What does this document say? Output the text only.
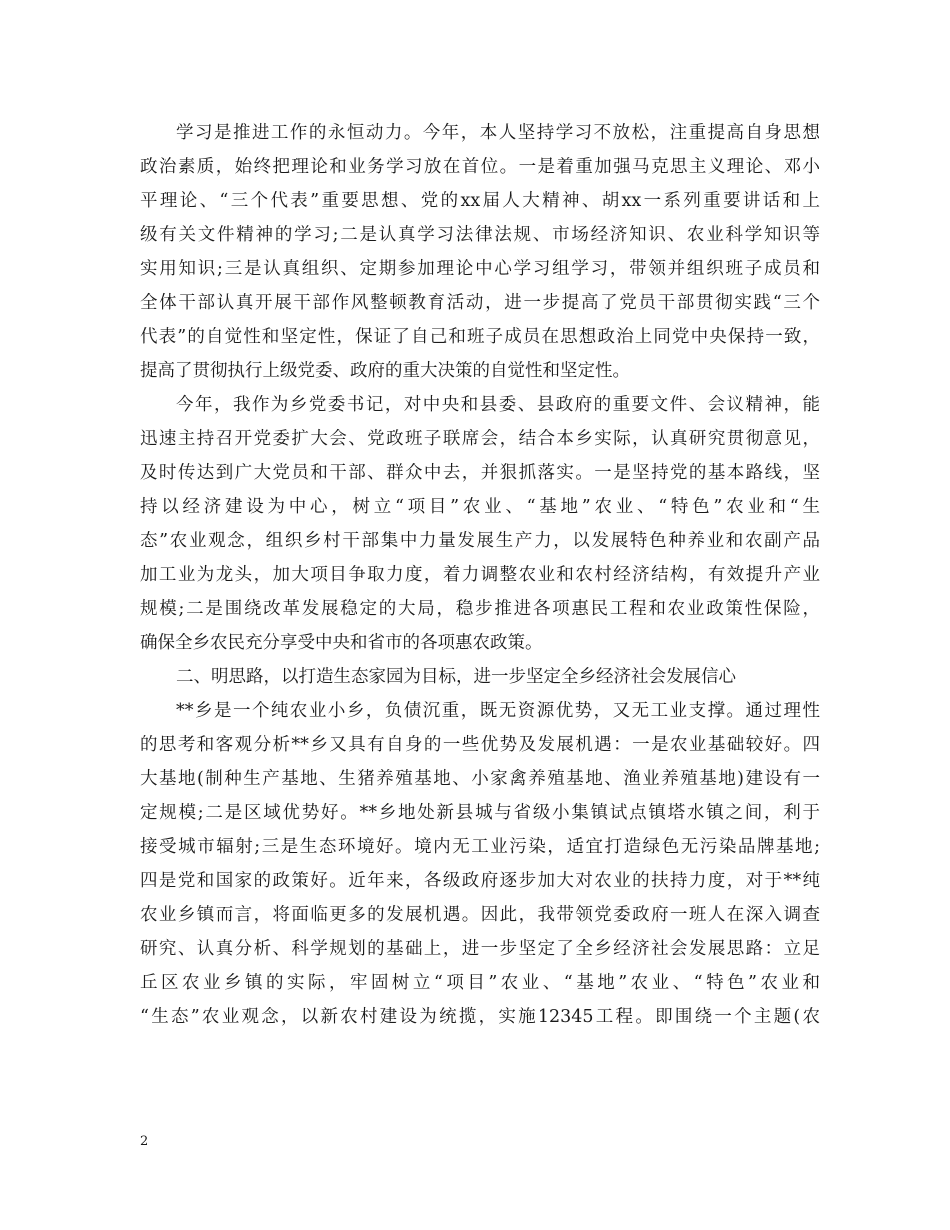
学习是推进工作的永恒动力。今年，本人坚持学习不放松，注重提高自身思想
政治素质，始终把理论和业务学习放在首位。一是着重加强马克思主义理论、邓小
平理论、“三个代表”重要思想、党的xx届人大精神、胡xx一系列重要讲话和上
级有关文件精神的学习;二是认真学习法律法规、市场经济知识、农业科学知识等
实用知识;三是认真组织、定期参加理论中心学习组学习，带领并组织班子成员和
全体干部认真开展干部作风整顿教育活动，进一步提高了党员干部贯彻实践“三个
代表”的自觉性和坚定性，保证了自己和班子成员在思想政治上同党中央保持一致，
提高了贯彻执行上级党委、政府的重大决策的自觉性和坚定性。
今年，我作为乡党委书记，对中央和县委、县政府的重要文件、会议精神，能
迅速主持召开党委扩大会、党政班子联席会，结合本乡实际，认真研究贯彻意见，
及时传达到广大党员和干部、群众中去，并狠抓落实。一是坚持党的基本路线，坚
持以经济建设为中心，树立“项目”农业、“基地”农业、“特色”农业和“生
态”农业观念，组织乡村干部集中力量发展生产力，以发展特色种养业和农副产品
加工业为龙头，加大项目争取力度，着力调整农业和农村经济结构，有效提升产业
规模;二是围绕改革发展稳定的大局，稳步推进各项惠民工程和农业政策性保险，
确保全乡农民充分享受中央和省市的各项惠农政策。
二、明思路，以打造生态家园为目标，进一步坚定全乡经济社会发展信心
**乡是一个纯农业小乡，负债沉重，既无资源优势，又无工业支撑。通过理性
的思考和客观分析**乡又具有自身的一些优势及发展机遇：一是农业基础较好。四
大基地(制种生产基地、生猪养殖基地、小家禽养殖基地、渔业养殖基地)建设有一
定规模;二是区域优势好。**乡地处新县城与省级小集镇试点镇塔水镇之间，利于
接受城市辐射;三是生态环境好。境内无工业污染，适宜打造绿色无污染品牌基地;
四是党和国家的政策好。近年来，各级政府逐步加大对农业的扶持力度，对于**纯
农业乡镇而言，将面临更多的发展机遇。因此，我带领党委政府一班人在深入调查
研究、认真分析、科学规划的基础上，进一步坚定了全乡经济社会发展思路：立足
丘区农业乡镇的实际，牢固树立“项目”农业、“基地”农业、“特色”农业和
“生态”农业观念，以新农村建设为统揽，实施12345工程。即围绕一个主题(农
2
